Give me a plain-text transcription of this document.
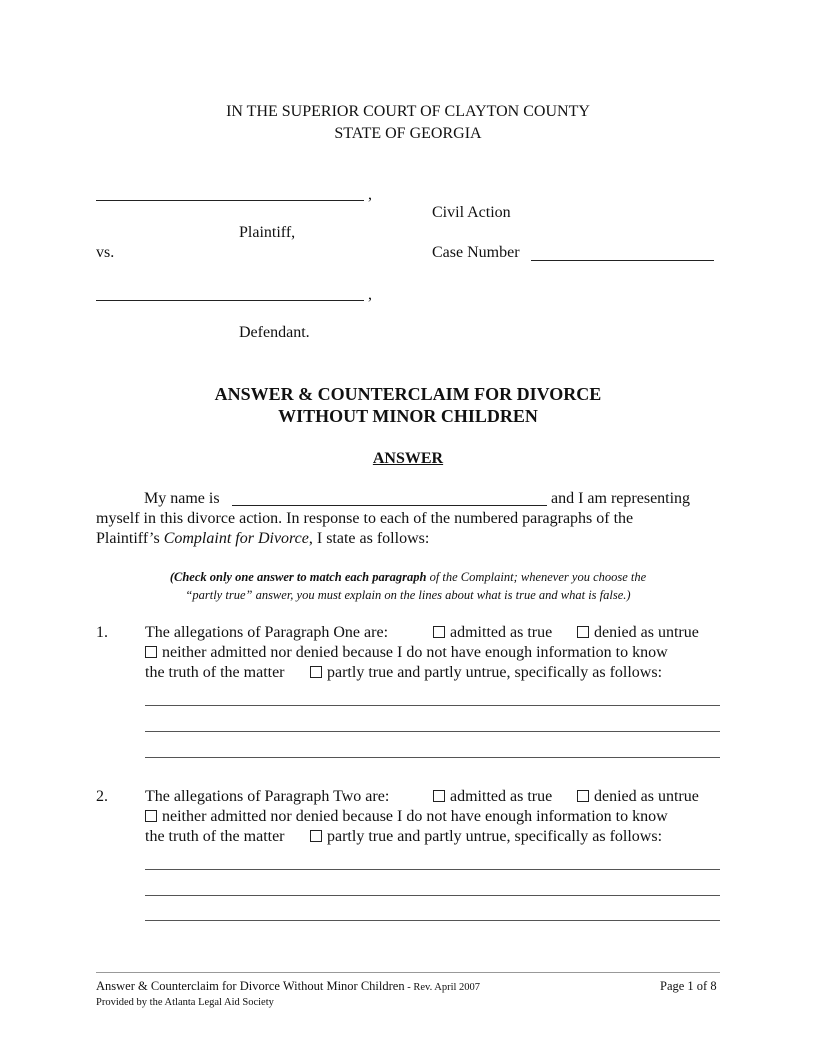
IN THE SUPERIOR COURT OF CLAYTON COUNTY
STATE OF GEORGIA
,
Plaintiff,
vs.
,
Defendant.
Civil Action
Case Number
ANSWER & COUNTERCLAIM FOR DIVORCE
WITHOUT MINOR CHILDREN
ANSWER
My name is	and I am representing
myself in this divorce action. In response to each of the numbered paragraphs of the
Plaintiff’s Complaint for Divorce, I state as follows:
(Check only one answer to match each paragraph of the Complaint; whenever you choose the
“partly true” answer, you must explain on the lines about what is true and what is false.)
1. The allegations of Paragraph One are:	admitted as true	denied as untrue
neither admitted nor denied because I do not have enough information to know
the truth of the matter	partly true and partly untrue, specifically as follows:
2. The allegations of Paragraph Two are:	admitted as true	denied as untrue
neither admitted nor denied because I do not have enough information to know
the truth of the matter	partly true and partly untrue, specifically as follows:
Answer & Counterclaim for Divorce Without Minor Children - Rev. April 2007	Page 1 of 8
Provided by the Atlanta Legal Aid Society
